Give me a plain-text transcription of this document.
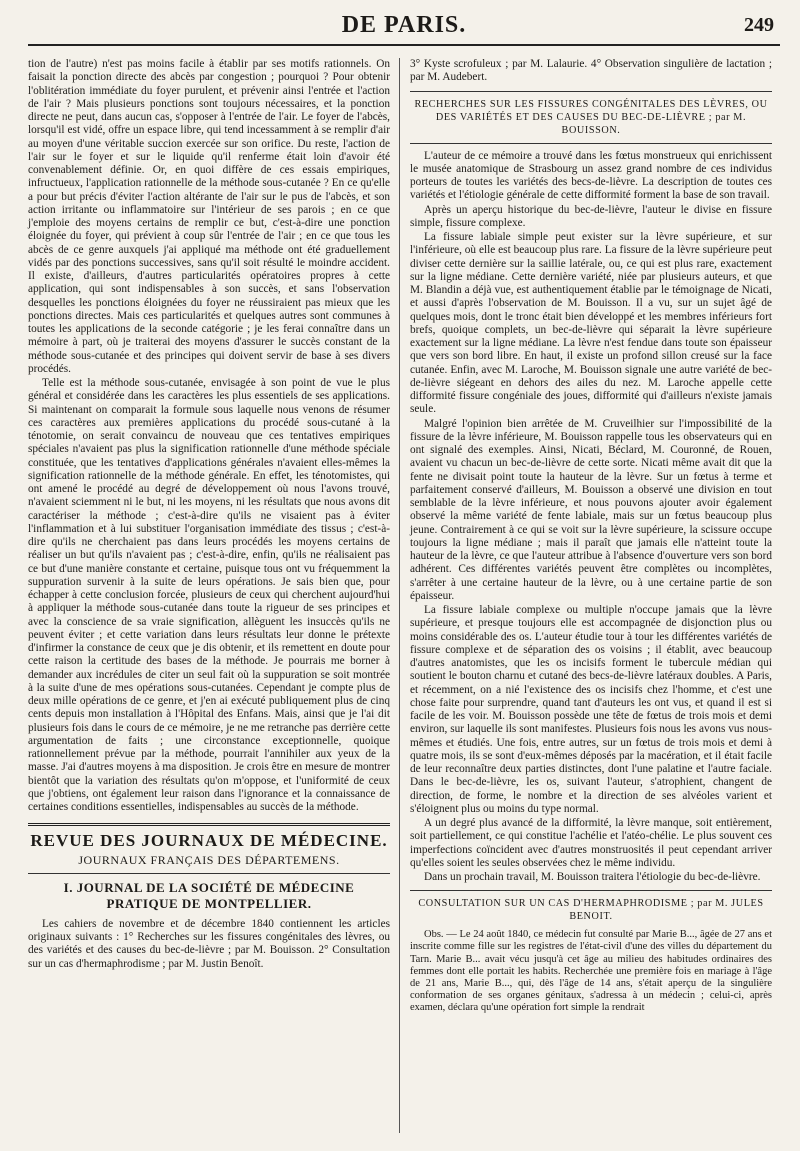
DE PARIS.	249

tion de l'autre) n'est pas moins facile à établir par ses motifs rationnels. On faisait la ponction directe des abcès par congestion ; pourquoi ? Pour obtenir l'oblitération immédiate du foyer purulent, et prévenir ainsi l'entrée et l'action de l'air ? Mais plusieurs ponctions sont toujours nécessaires, et la ponction directe ne peut, dans aucun cas, s'opposer à l'entrée de l'air. Le foyer de l'abcès, lorsqu'il est vidé, offre un espace libre, qui tend incessamment à se remplir d'air au moyen d'une véritable succion exercée sur son orifice. Du reste, l'action de l'air sur le foyer et sur le liquide qu'il renferme était loin d'avoir été convenablement définie. Or, en quoi diffère de ces essais empiriques, infructueux, l'application rationnelle de la méthode sous-cutanée ? En ce qu'elle a pour but précis d'éviter l'action altérante de l'air sur le pus de l'abcès, et son action irritante ou inflammatoire sur l'intérieur de ses parois ; en ce que j'emploie des moyens certains de remplir ce but, c'est-à-dire une ponction éloignée du foyer, qui prévient à coup sûr l'entrée de l'air ; en ce que tous les abcès de ce genre auxquels j'ai appliqué ma méthode ont été graduellement vidés par des ponctions successives, sans qu'il soit résulté le moindre accident. Il existe, d'ailleurs, d'autres particularités opératoires propres à cette application, qui sont indispensables à son succès, et sans l'observation desquelles les ponctions éloignées du foyer ne réussiraient pas mieux que les ponctions directes. Mais ces particularités et quelques autres sont communes à toutes les applications de la seconde catégorie ; je les ferai connaître dans un mémoire à part, où je traiterai des moyens d'assurer le succès constant de la méthode sous-cutanée et des principes qui doivent servir de base à ses divers procédés.

Telle est la méthode sous-cutanée, envisagée à son point de vue le plus général et considérée dans les caractères les plus essentiels de ses applications. Si maintenant on comparait la formule sous laquelle nous venons de résumer ces caractères aux premières applications du procédé sous-cutané à la ténotomie, on serait convaincu de nouveau que ces tentatives empiriques spéciales n'avaient pas plus la signification rationnelle d'une méthode spéciale constituée, que les tentatives d'applications générales n'avaient elles-mêmes la signification rationnelle de la méthode générale. En effet, les ténotomistes, qui ont amené le procédé au degré de développement où nous l'avons trouvé, n'avaient sciemment ni le but, ni les moyens, ni les résultats que nous avons dit caractériser la méthode ; c'est-à-dire qu'ils ne visaient pas à éviter l'inflammation et à lui substituer l'organisation immédiate des tissus ; c'est-à-dire qu'ils ne cherchaient pas dans leurs procédés les moyens certains de réaliser un but qu'ils n'avaient pas ; c'est-à-dire, enfin, qu'ils ne réalisaient pas ce but d'une manière constante et certaine, puisque tous ont vu fréquemment la suppuration survenir à la suite de leurs opérations. Je sais bien que, pour échapper à cette conclusion forcée, plusieurs de ceux qui cherchent aujourd'hui à appliquer la méthode sous-cutanée dans toute la rigueur de ses principes et avec la conscience de sa vraie signification, allèguent les insuccès qu'ils ne peuvent éviter ; et cette variation dans leurs résultats leur donne le prétexte d'infirmer la constance de ceux que je dis obtenir, et ils remettent en doute pour cette raison la certitude des bases de la méthode. Je pourrais me borner à demander aux incrédules de citer un seul fait où la suppuration se soit montrée à la suite d'une de mes opérations sous-cutanées. Cependant je compte plus de deux mille opérations de ce genre, et j'en ai exécuté publiquement plus de cinq cents depuis mon installation à l'Hôpital des Enfans. Mais, ainsi que je l'ai dit plusieurs fois dans le cours de ce mémoire, je ne me retranche pas derrière cette argumentation de faits ; une circonstance exceptionnelle, quoique rationnellement prévue par la méthode, pourrait l'annihiler aux yeux de la masse. J'ai d'autres moyens à ma disposition. Je crois être en mesure de montrer bientôt que la variation des résultats qu'on m'oppose, et l'uniformité de ceux que j'obtiens, ont également leur raison dans l'ignorance et la connaissance de certaines conditions essentielles, indispensables au succès de la méthode.

REVUE DES JOURNAUX DE MÉDECINE.
JOURNAUX FRANÇAIS DES DÉPARTEMENS.
I. JOURNAL DE LA SOCIÉTÉ DE MÉDECINE PRATIQUE DE MONTPELLIER.

Les cahiers de novembre et de décembre 1840 contiennent les articles originaux suivants : 1° Recherches sur les fissures congénitales des lèvres, ou des variétés et des causes du bec-de-lièvre ; par M. Bouisson. 2° Consultation sur un cas d'hermaphrodisme ; par M. Justin Benoît.

3° Kyste scrofuleux ; par M. Lalaurie. 4° Observation singulière de lactation ; par M. Audebert.

RECHERCHES SUR LES FISSURES CONGÉNITALES DES LÈVRES, OU DES VARIÉTÉS ET DES CAUSES DU BEC-DE-LIÈVRE ; par M. BOUISSON.

L'auteur de ce mémoire a trouvé dans les fœtus monstrueux qui enrichissent le musée anatomique de Strasbourg un assez grand nombre de ces individus porteurs de toutes les variétés des becs-de-lièvre. La description de toutes ces variétés et l'étiologie générale de cette difformité forment la base de son travail.

Après un aperçu historique du bec-de-lièvre, l'auteur le divise en fissure simple, fissure complexe.

La fissure labiale simple peut exister sur la lèvre supérieure, et sur l'inférieure, où elle est beaucoup plus rare. La fissure de la lèvre supérieure peut diviser cette dernière sur la saillie latérale, ou, ce qui est plus rare, exactement sur la ligne médiane. Cette dernière variété, niée par plusieurs auteurs, et que M. Blandin a déjà vue, est authentiquement établie par le témoignage de Nicati, et aussi d'après l'observation de M. Bouisson. Il a vu, sur un sujet âgé de quelques mois, dont le tronc était bien développé et les membres inférieurs fort brefs, quoique complets, un bec-de-lièvre qui séparait la lèvre supérieure exactement sur la ligne médiane. La lèvre n'est fendue dans toute son épaisseur que vers son bord libre. En haut, il existe un profond sillon creusé sur la face cutanée. Enfin, avec M. Laroche, M. Bouisson signale une autre variété de bec-de-lièvre siégeant en dehors des ailes du nez. M. Laroche appelle cette difformité fissure congéniale des joues, difformité qui d'ailleurs n'existe jamais seule.

Malgré l'opinion bien arrêtée de M. Cruveilhier sur l'impossibilité de la fissure de la lèvre inférieure, M. Bouisson rappelle tous les observateurs qui en ont signalé des exemples. Ainsi, Nicati, Béclard, M. Couronné, de Rouen, avaient vu chacun un bec-de-lièvre de cette sorte. Nicati même avait dit que la fente ne divisait point toute la hauteur de la lèvre. Sur un fœtus à terme et parfaitement conservé d'ailleurs, M. Bouisson a observé une division en tout semblable de la lèvre inférieure, et nous pouvons ajouter avoir également observé la même variété de fente labiale, mais sur un fœtus beaucoup plus jeune. Contrairement à ce qui se voit sur la lèvre supérieure, la scissure occupe toujours la ligne médiane ; mais il paraît que jamais elle n'atteint toute la hauteur de la lèvre, ce que l'auteur attribue à l'absence d'ouverture vers son bord adhérent. Ces différentes variétés peuvent être complètes ou incomplètes, s'arrêter à une certaine hauteur de la lèvre, ou à une certaine partie de son épaisseur.

La fissure labiale complexe ou multiple n'occupe jamais que la lèvre supérieure, et presque toujours elle est accompagnée de disjonction plus ou moins considérable des os. L'auteur étudie tour à tour les différentes variétés de fissure complexe et de séparation des os voisins ; il établit, avec beaucoup d'autres anatomistes, que les os incisifs forment le tubercule médian qui soutient le bouton charnu et cutané des becs-de-lièvre latéraux doubles. A Paris, et récemment, on a nié l'existence des os incisifs chez l'homme, et c'est une chose faite pour surprendre, quand tant d'auteurs les ont vus, et quand il est si facile de les voir. M. Bouisson possède une tête de fœtus de trois mois et demi environ, sur laquelle ils sont manifestes. Plusieurs fois nous les avons vus nous-mêmes et étudiés. Une fois, entre autres, sur un fœtus de trois mois et demi à quatre mois, ils se sont d'eux-mêmes déposés par la macération, et il était facile de leur reconnaître deux parties distinctes, dont l'une palatine et l'autre faciale. Dans le bec-de-lièvre, les os, suivant l'auteur, s'atrophient, changent de direction, de forme, le nombre et la direction de ses alvéoles varient et s'éloignent plus ou moins du type normal.

A un degré plus avancé de la difformité, la lèvre manque, soit entièrement, soit partiellement, ce qui constitue l'achélie et l'atéo-chélie. Le plus souvent ces imperfections coïncident avec d'autres monstruosités il peut cependant arriver qu'elles soient les seules observées chez le même individu.

Dans un prochain travail, M. Bouisson traitera l'étiologie du bec-de-lièvre.

CONSULTATION SUR UN CAS D'HERMAPHRODISME ; par M. JULES BENOIT.

Obs. — Le 24 août 1840, ce médecin fut consulté par Marie B..., âgée de 27 ans et inscrite comme fille sur les registres de l'état-civil d'une des villes du département du Tarn. Marie B... avait vécu jusqu'à cet âge au milieu des habitudes ordinaires des femmes dont elle portait les habits. Recherchée une première fois en mariage à l'âge de 21 ans, Marie B..., qui, dès l'âge de 14 ans, s'était aperçu de la singulière conformation de ses organes génitaux, s'adressa à un médecin ; celui-ci, après examen, déclara qu'une opération fort simple la rendrait
